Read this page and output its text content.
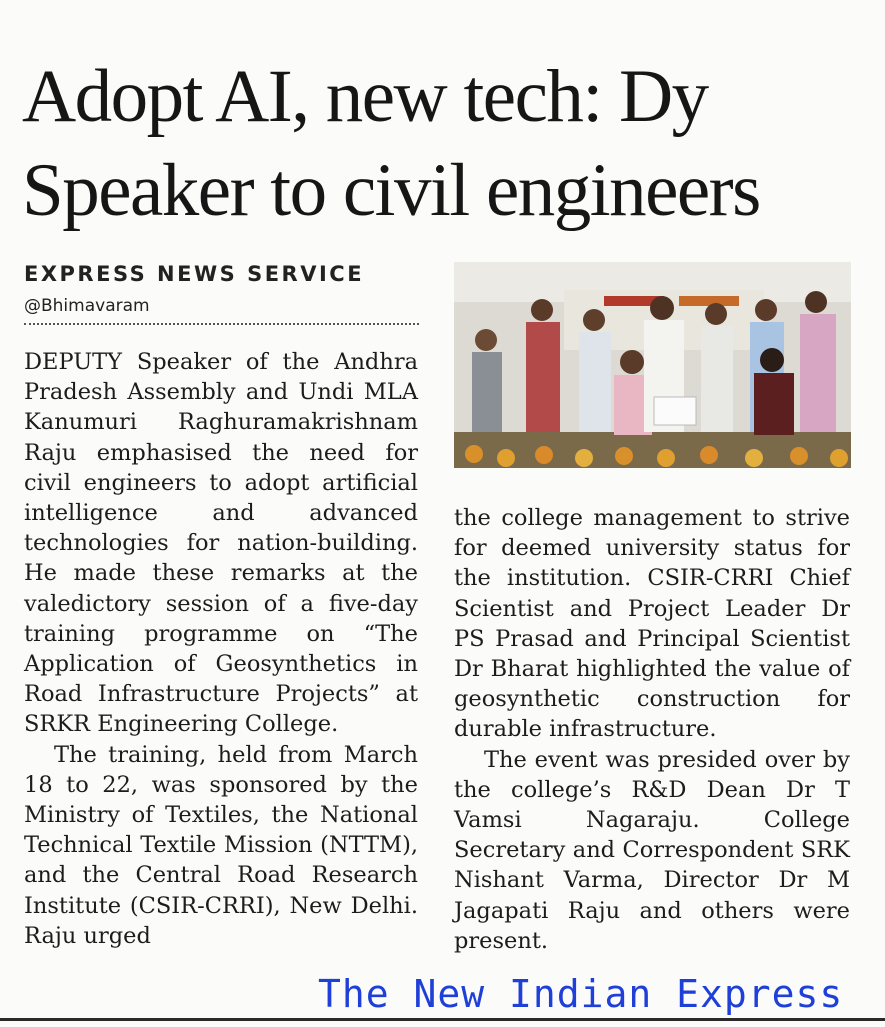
Adopt AI, new tech: Dy Speaker to civil engineers
EXPRESS NEWS SERVICE
@Bhimavaram

DEPUTY Speaker of the Andhra Pradesh Assembly and Undi MLA Kanumuri Raghuramakrishnam Raju emphasised the need for civil engineers to adopt artificial intelligence and advanced technologies for nation-building. He made these remarks at the valedictory session of a five-day training programme on “The Application of Geosynthetics in Road Infrastructure Projects” at SRKR Engineering College.

The training, held from March 18 to 22, was sponsored by the Ministry of Textiles, the National Technical Textile Mission (NTTM), and the Central Road Research Institute (CSIR-CRRI), New Delhi. Raju urged

the college management to strive for deemed university status for the institution. CSIR-CRRI Chief Scientist and Project Leader Dr PS Prasad and Principal Scientist Dr Bharat highlighted the value of geosynthetic construction for durable infrastructure.

The event was presided over by the college’s R&D Dean Dr T Vamsi Nagaraju. College Secretary and Correspondent SRK Nishant Varma, Director Dr M Jagapati Raju and others were present.

The New Indian Express
